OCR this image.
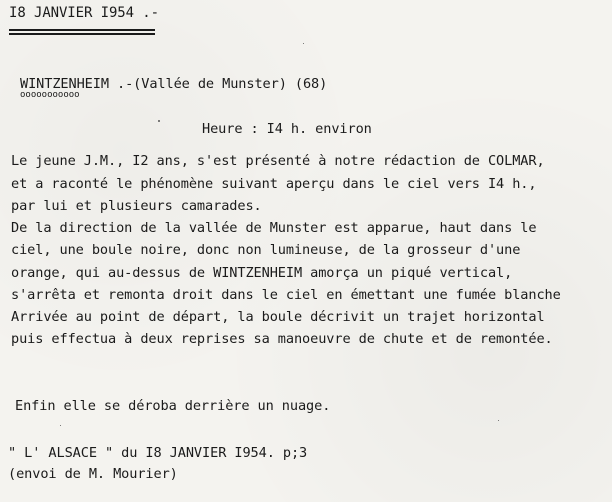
I8 JANVIER I954 .-
WINTZENHEIM .-(Vallée de Munster) (68)
ooooooooooo
Heure : I4 h. environ
Le jeune J.M., I2 ans, s'est présenté à notre rédaction de COLMAR,
et a raconté le phénomène suivant aperçu dans le ciel vers I4 h.,
par lui et plusieurs camarades.
De la direction de la vallée de Munster est apparue, haut dans le
ciel, une boule noire, donc non lumineuse, de la grosseur d'une
orange, qui au-dessus de WINTZENHEIM amorça un piqué vertical,
s'arrêta et remonta droit dans le ciel en émettant une fumée blanche
Arrivée au point de départ, la boule décrivit un trajet horizontal
puis effectua à deux reprises sa manoeuvre de chute et de remontée.
Enfin elle se déroba derrière un nuage.
" L' ALSACE " du I8 JANVIER I954. p;3
(envoi de M. Mourier)
